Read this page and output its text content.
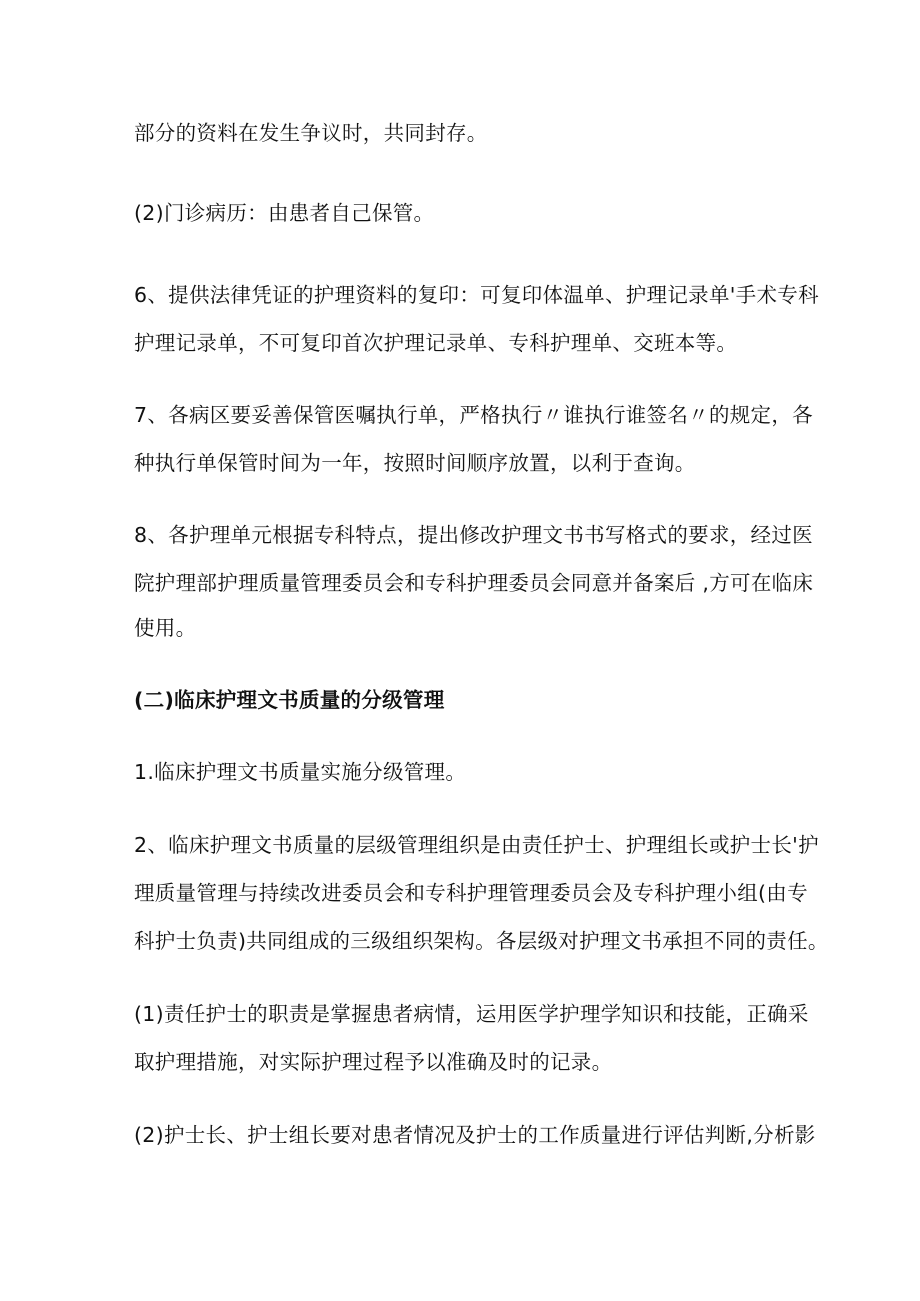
部分的资料在发生争议时，共同封存。
(2)门诊病历：由患者自己保管。
6、提供法律凭证的护理资料的复印：可复印体温单、护理记录单'手术专科
护理记录单，不可复印首次护理记录单、专科护理单、交班本等。
7、各病区要妥善保管医嘱执行单，严格执行〃谁执行谁签名〃的规定，各
种执行单保管时间为一年，按照时间顺序放置，以利于查询。
8、各护理单元根据专科特点，提出修改护理文书书写格式的要求，经过医
院护理部护理质量管理委员会和专科护理委员会同意并备案后 ,方可在临床
使用。
(二)临床护理文书质量的分级管理
1.临床护理文书质量实施分级管理。
2、临床护理文书质量的层级管理组织是由责任护士、护理组长或护士长'护
理质量管理与持续改进委员会和专科护理管理委员会及专科护理小组(由专
科护士负责)共同组成的三级组织架构。各层级对护理文书承担不同的责任。
(1)责任护士的职责是掌握患者病情，运用医学护理学知识和技能，正确采
取护理措施，对实际护理过程予以准确及时的记录。
(2)护士长、护士组长要对患者情况及护士的工作质量进行评估判断,分析影
